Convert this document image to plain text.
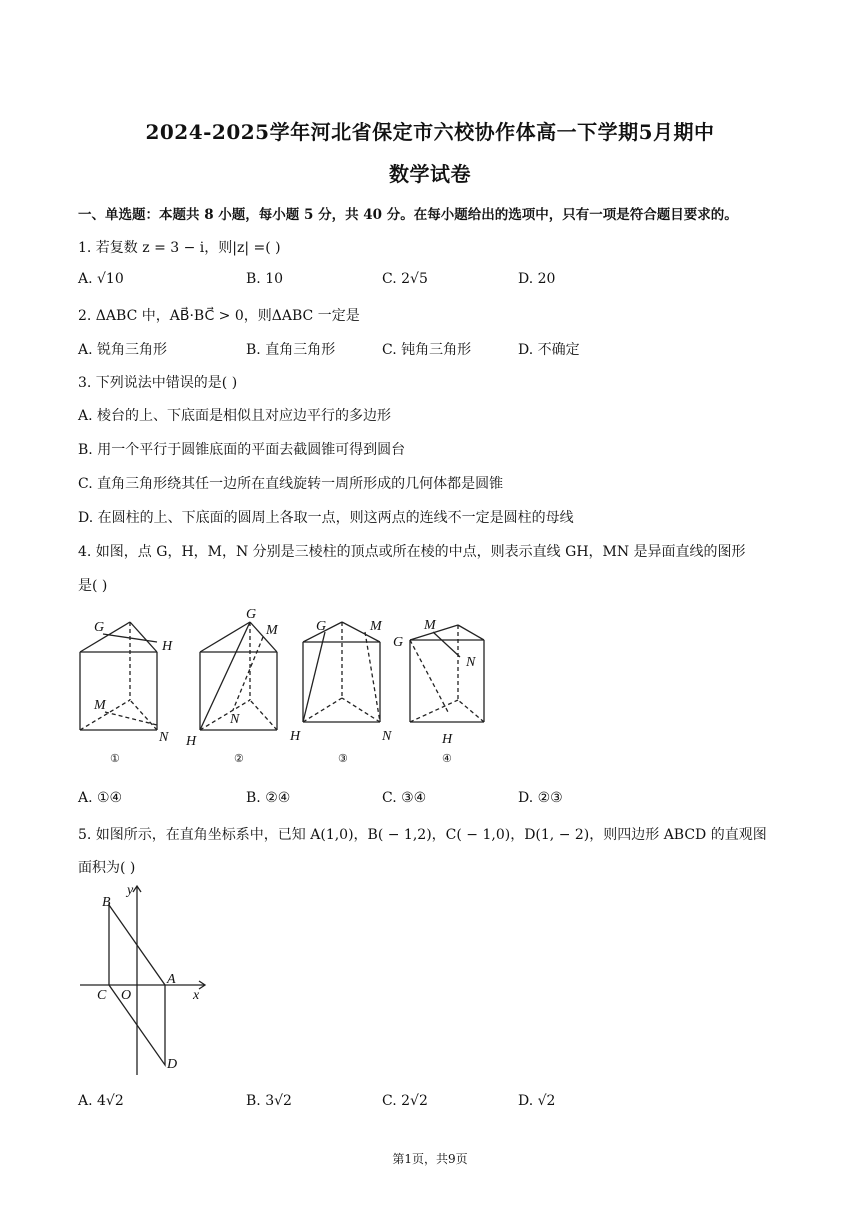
2024-2025学年河北省保定市六校协作体高一下学期5月期中
数学试卷
一、单选题：本题共 8 小题，每小题 5 分，共 40 分。在每小题给出的选项中，只有一项是符合题目要求的。
1. 若复数 z = 3 − i，则|z| =( )
A. √10	B. 10	C. 2√5	D. 20
2. ΔABC 中，AB⃗·BC⃗ > 0，则ΔABC 一定是
A. 锐角三角形	B. 直角三角形	C. 钝角三角形	D. 不确定
3. 下列说法中错误的是( )
A. 棱台的上、下底面是相似且对应边平行的多边形
B. 用一个平行于圆锥底面的平面去截圆锥可得到圆台
C. 直角三角形绕其任一边所在直线旋转一周所形成的几何体都是圆锥
D. 在圆柱的上、下底面的圆周上各取一点，则这两点的连线不一定是圆柱的母线
4. 如图，点 G，H，M，N 分别是三棱柱的顶点或所在棱的中点，则表示直线 GH，MN 是异面直线的图形
是( )
G
H
M
N
G
M
N
H
G	M
H	N
G
M
N
H
①	②	③	④
A. ①④	B. ②④	C. ③④	D. ②③
5. 如图所示，在直角坐标系中，已知 A(1,0)，B( − 1,2)，C( − 1,0)，D(1, − 2)，则四边形 ABCD 的直观图
面积为( )
y
x
B
A
C O
D
A. 4√2	B. 3√2	C. 2√2	D. √2
第1页，共9页
